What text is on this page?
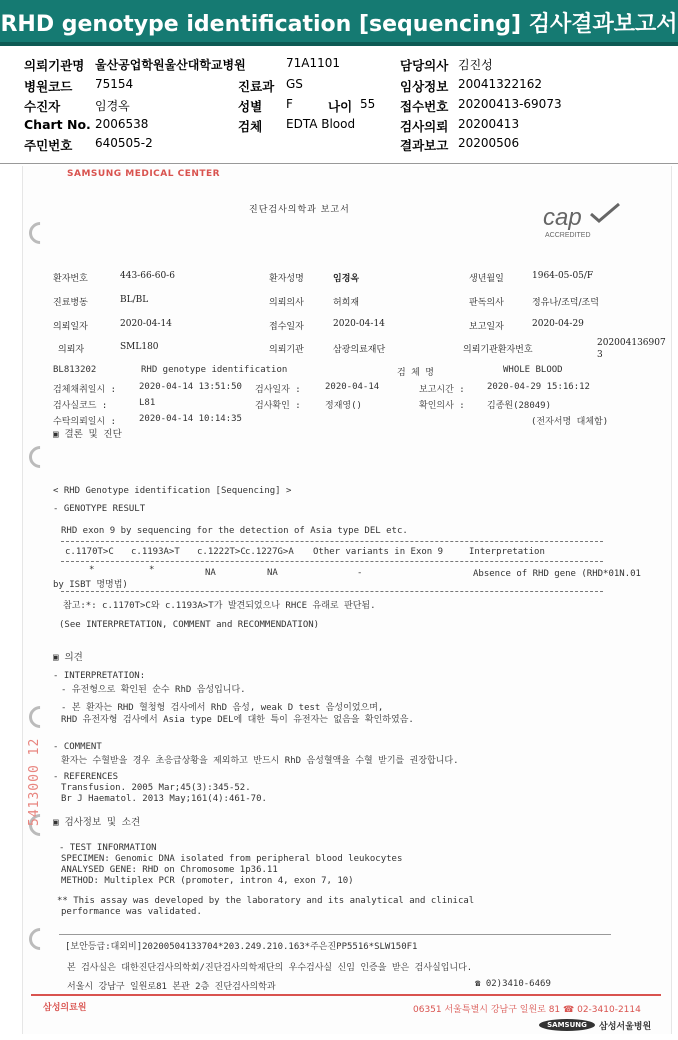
RHD genotype identification [sequencing] 검사결과보고서
의뢰기관명 울산공업학원울산대학교병원	71A1101	담당의사 김진성
병원코드 75154	진료과 GS	임상정보 20041322162
수진자	임경옥	성별 F	나이 55 접수번호 20200413-69073
Chart No. 2006538	검체 EDTA Blood	검사의뢰 20200413
주민번호 640505-2	결과보고 20200506
SAMSUNG MEDICAL CENTER
진단검사의학과 보고서	cap
ACCREDITED
환자번호	443-66-60-6	환자성명	임경옥	생년월일	1964-05-05/F
진료병동	BL/BL	의뢰의사	허희재	판독의사	정유나/조덕/조덕
의뢰일자	2020-04-14	접수일자	2020-04-14	보고일자	2020-04-29
의뢰자	SML180	의뢰기관	삼광의료재단	의뢰기관환자번호
202004136907 3
BL813202	RHD genotype identification	검 체 명	WHOLE BLOOD
검체채취일시 :	2020-04-14 13:51:50 검사일자 :	2020-04-14	보고시간 : 2020-04-29 15:16:12
검사실코드 :	L81	검사확인 :	정재영()	확인의사 : 김종원(28049)
수탁의뢰일시 :	2020-04-14 10:14:35	(전자서명 대체함)
▣ 결론 및 진단
< RHD Genotype identification [Sequencing] >
- GENOTYPE RESULT
RHD exon 9 by sequencing for the detection of Asia type DEL etc.
c.1170T>C c.1193A>T c.1222T>C c.1227G>A Other variants in Exon 9	Interpretation
*	*	NA	NA	-	Absence of RHD gene (RHD*01N.01
by ISBT 명명법)
참고:*: c.1170T>C와 c.1193A>T가 발견되었으나 RHCE 유래로 판단됨.
(See INTERPRETATION, COMMENT and RECOMMENDATION)
▣ 의견
- INTERPRETATION:
- 유전형으로 확인된 순수 RhD 음성입니다.
- 본 환자는 RHD 혈청형 검사에서 RhD 음성, weak D test 음성이었으며,
RHD 유전자형 검사에서 Asia type DEL에 대한 특이 유전자는 없음을 확인하였음.
- COMMENT
환자는 수혈받을 경우 초응급상황을 제외하고 반드시 RhD 음성혈액을 수혈 받기를 권장합니다.
- REFERENCES
Transfusion. 2005 Mar;45(3):345-52.
Br J Haematol. 2013 May;161(4):461-70.
▣ 검사정보 및 소견
- TEST INFORMATION
SPECIMEN: Genomic DNA isolated from peripheral blood leukocytes
ANALYSED GENE: RHD on Chromosome 1p36.11
METHOD: Multiplex PCR (promoter, intron 4, exon 7, 10)
** This assay was developed by the laboratory and its analytical and clinical
performance was validated.
5413000 12
[보안등급:대외비]202005041337​04*203.249.210.163*주은진PP5516*SLW150F1
본 검사실은 대한진단검사의학회/진단검사의학재단의 우수검사실 신임 인증을 받은 검사실입니다.
서울시 강남구 일원로81 본관 2층 진단검사의학과	☎ 02)3410-6469
삼성의료원	06351 서울특별시 강남구 일원로 81 ☎ 02-3410-2114
SAMSUNG	삼성서울병원
